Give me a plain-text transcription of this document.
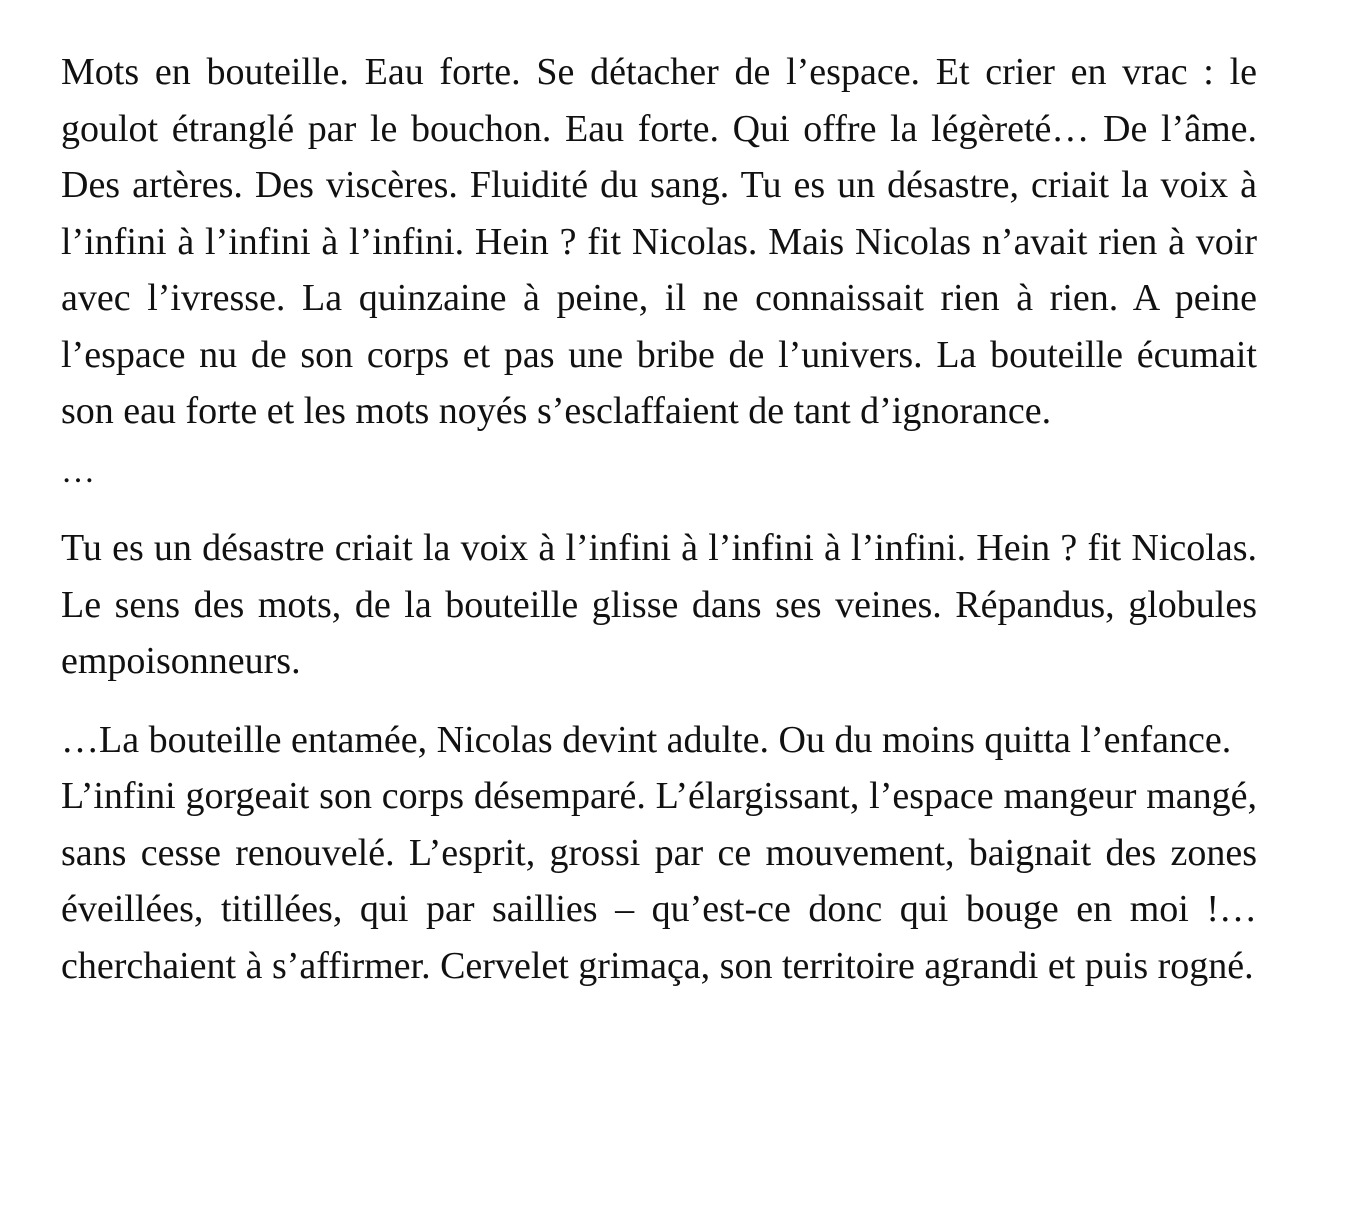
Mots en bouteille. Eau forte. Se détacher de l’espace. Et crier en vrac : le goulot étranglé par le bouchon. Eau forte. Qui offre la légèreté… De l’âme. Des artères. Des viscères. Fluidité du sang. Tu es un désastre, criait la voix à l’infini à l’infini à l’infini. Hein ? fit Nicolas. Mais Nicolas n’avait rien à voir avec l’ivresse. La quinzaine à peine, il ne connaissait rien à rien. A peine l’espace nu de son corps et pas une bribe de l’univers. La bouteille écumait son eau forte et les mots noyés s’esclaffaient de tant d’ignorance.

…

Tu es un désastre criait la voix à l’infini à l’infini à l’infini. Hein ? fit Nicolas. Le sens des mots, de la bouteille glisse dans ses veines. Répandus, globules empoisonneurs.

…La bouteille entamée, Nicolas devint adulte. Ou du moins quitta l’enfance.

L’infini gorgeait son corps désemparé. L’élargissant, l’espace mangeur mangé, sans cesse renouvelé. L’esprit, grossi par ce mouvement, baignait des zones éveillées, titillées, qui par saillies – qu’est-ce donc qui bouge en moi !… cherchaient à s’affirmer. Cervelet grimaça, son territoire agrandi et puis rogné.
